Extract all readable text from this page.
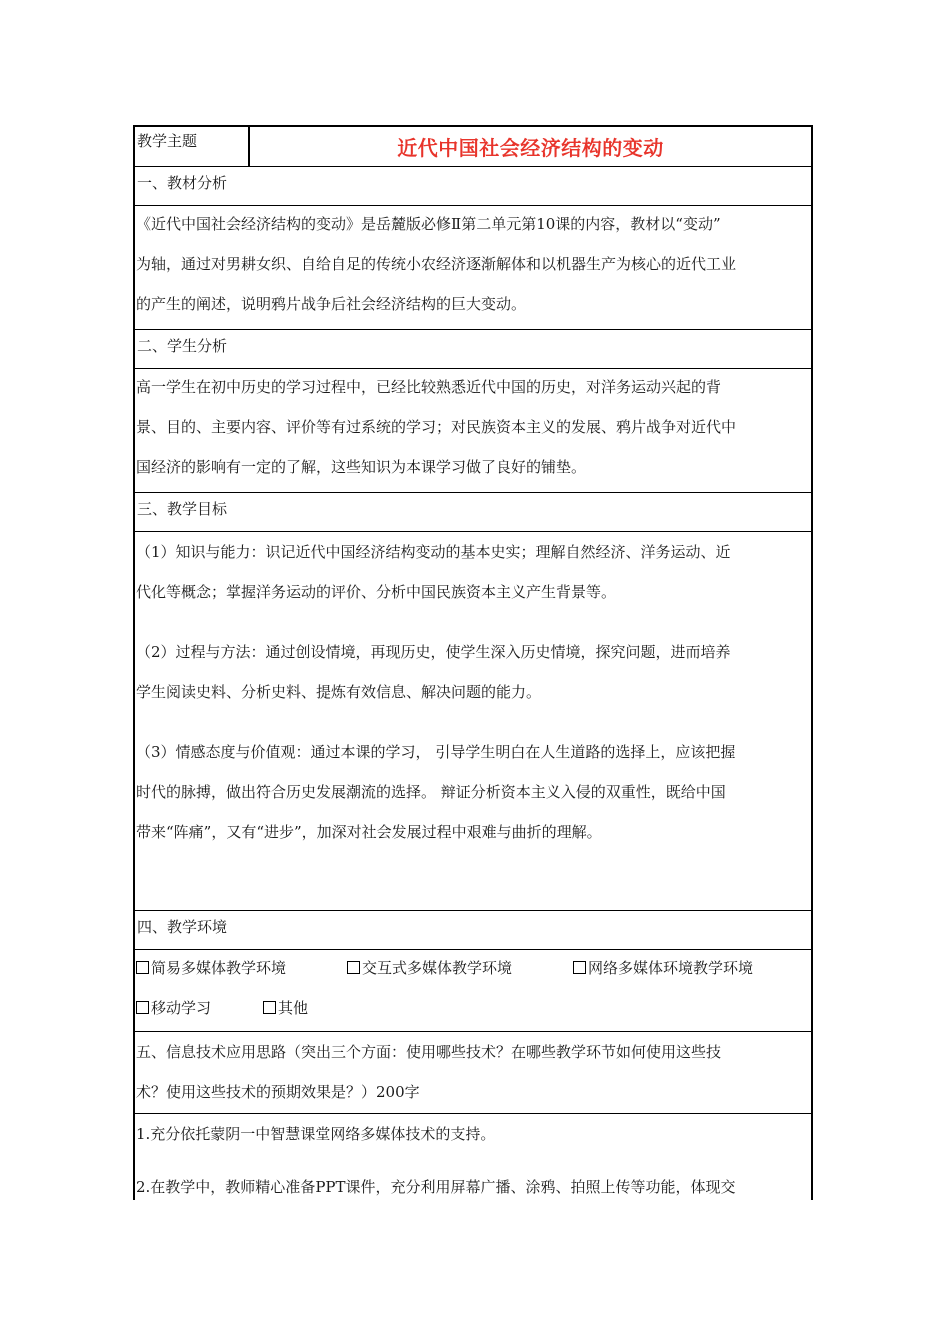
教学主题	近代中国社会经济结构的变动
一、教材分析
《近代中国社会经济结构的变动》是岳麓版必修Ⅱ第二单元第10课的内容，教材以“变动”
为轴，通过对男耕女织、自给自足的传统小农经济逐渐解体和以机器生产为核心的近代工业
的产生的阐述，说明鸦片战争后社会经济结构的巨大变动。
二、学生分析
高一学生在初中历史的学习过程中，已经比较熟悉近代中国的历史，对洋务运动兴起的背
景、目的、主要内容、评价等有过系统的学习；对民族资本主义的发展、鸦片战争对近代中
国经济的影响有一定的了解，这些知识为本课学习做了良好的铺垫。
三、教学目标
（1）知识与能力：识记近代中国经济结构变动的基本史实；理解自然经济、洋务运动、近
代化等概念；掌握洋务运动的评价、分析中国民族资本主义产生背景等。
（2）过程与方法：通过创设情境，再现历史，使学生深入历史情境，探究问题，进而培养
学生阅读史料、分析史料、提炼有效信息、解决问题的能力。
（3）情感态度与价值观：通过本课的学习， 引导学生明白在人生道路的选择上，应该把握
时代的脉搏，做出符合历史发展潮流的选择。 辩证分析资本主义入侵的双重性，既给中国
带来“阵痛”，又有“进步”，加深对社会发展过程中艰难与曲折的理解。
四、教学环境
简易多媒体教学环境	交互式多媒体教学环境	网络多媒体环境教学环境
移动学习	其他
五、信息技术应用思路（突出三个方面：使用哪些技术？在哪些教学环节如何使用这些技
术？使用这些技术的预期效果是？）200字
1.充分依托蒙阴一中智慧课堂网络多媒体技术的支持。
2.在教学中，教师精心准备PPT课件，充分利用屏幕广播、涂鸦、拍照上传等功能，体现交
